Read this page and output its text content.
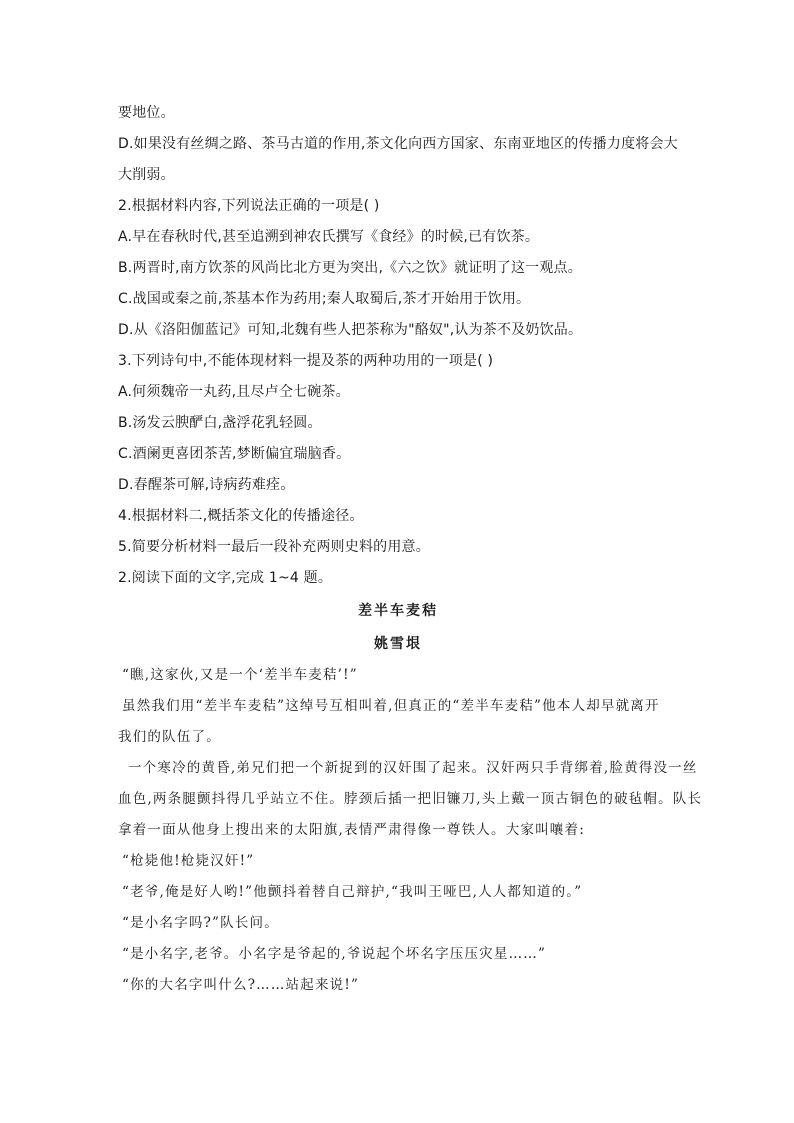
要地位。
D.如果没有丝绸之路、茶马古道的作用,茶文化向西方国家、东南亚地区的传播力度将会大
大削弱。
2.根据材料内容,下列说法正确的一项是( )
A.早在春秋时代,甚至追溯到神农氏撰写《食经》的时候,已有饮茶。
B.两晋时,南方饮茶的风尚比北方更为突出,《六之饮》就证明了这一观点。
C.战国或秦之前,茶基本作为药用;秦人取蜀后,茶才开始用于饮用。
D.从《洛阳伽蓝记》可知,北魏有些人把茶称为"酪奴",认为茶不及奶饮品。
3.下列诗句中,不能体现材料一提及茶的两种功用的一项是( )
A.何须魏帝一丸药,且尽卢仝七碗茶。
B.汤发云腴酽白,盏浮花乳轻圆。
C.酒阑更喜团茶苦,梦断偏宜瑞脑香。
D.春醒茶可解,诗病药难痊。
4.根据材料二,概括茶文化的传播途径。
5.简要分析材料一最后一段补充两则史料的用意。
2.阅读下面的文字,完成 1~4 题。
差半车麦秸
姚雪垠
“瞧,这家伙,又是一个‘差半车麦秸’!”
虽然我们用“差半车麦秸”这绰号互相叫着,但真正的“差半车麦秸”他本人却早就离开
我们的队伍了。
一个寒冷的黄昏,弟兄们把一个新捉到的汉奸围了起来。汉奸两只手背绑着,脸黄得没一丝
血色,两条腿颤抖得几乎站立不住。脖颈后插一把旧镰刀,头上戴一顶古铜色的破毡帽。队长
拿着一面从他身上搜出来的太阳旗,表情严肃得像一尊铁人。大家叫嚷着:
“枪毙他!枪毙汉奸!”
“老爷,俺是好人哟!”他颤抖着替自己辩护,“我叫王哑巴,人人都知道的。”
“是小名字吗?”队长问。
“是小名字,老爷。小名字是爷起的,爷说起个坏名字压压灾星……”
“你的大名字叫什么?……站起来说!”
